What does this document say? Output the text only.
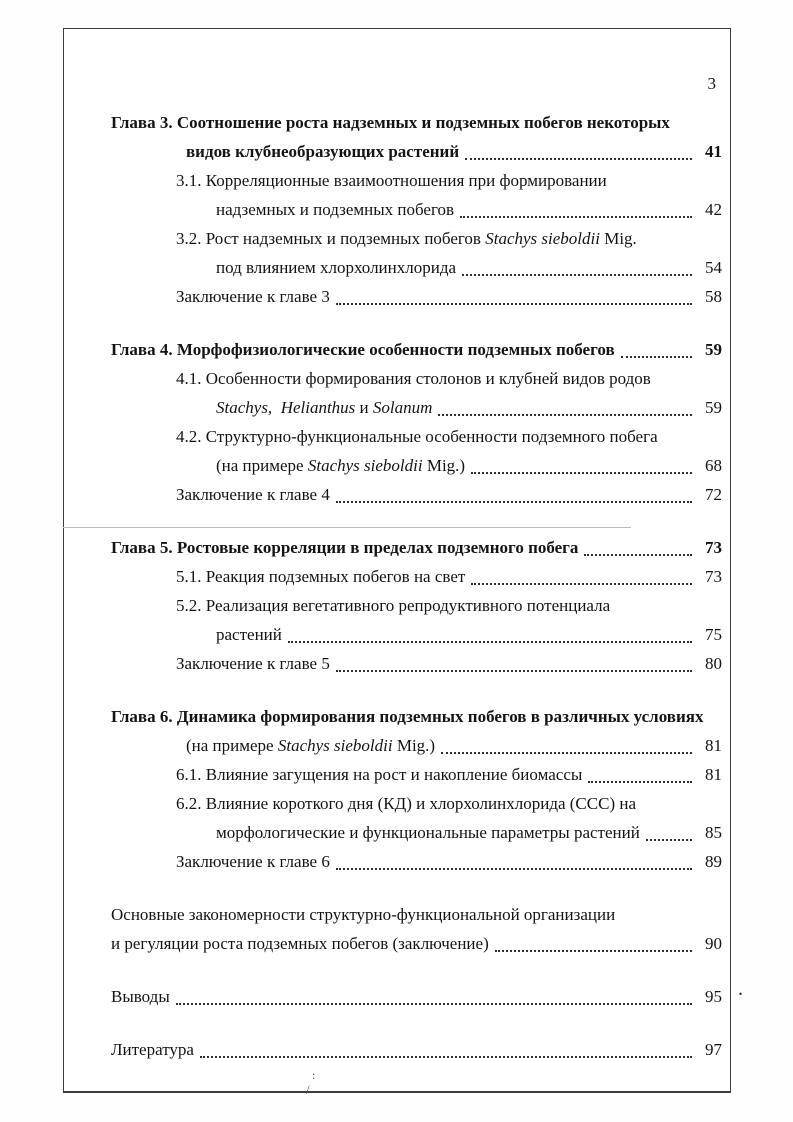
3
Глава 3. Соотношение роста надземных и подземных побегов некоторых
видов клубнеобразующих растений	41
3.1. Корреляционные взаимоотношения при формировании
надземных и подземных побегов	42
3.2. Рост надземных и подземных побегов Stachys sieboldii Mig.
под влиянием хлорхолинхлорида	54
Заключение к главе 3	58
Глава 4. Морфофизиологические особенности подземных побегов	59
4.1. Особенности формирования столонов и клубней видов родов
Stachys, Helianthus и Solanum	59
4.2. Структурно-функциональные особенности подземного побега
(на примере Stachys sieboldii Mig.)	68
Заключение к главе 4	72
Глава 5. Ростовые корреляции в пределах подземного побега	73
5.1. Реакция подземных побегов на свет	73
5.2. Реализация вегетативного репродуктивного потенциала
растений	75
Заключение к главе 5	80
Глава 6. Динамика формирования подземных побегов в различных условиях
(на примере Stachys sieboldii Mig.)	81
6.1. Влияние загущения на рост и накопление биомассы	81
6.2. Влияние короткого дня (КД) и хлорхолинхлорида (ССС) на
морфологические и функциональные параметры растений	85
Заключение к главе 6	89
Основные закономерности структурно-функциональной организации
и регуляции роста подземных побегов (заключение)	90
Выводы	95
Литература	97
.
:
/
